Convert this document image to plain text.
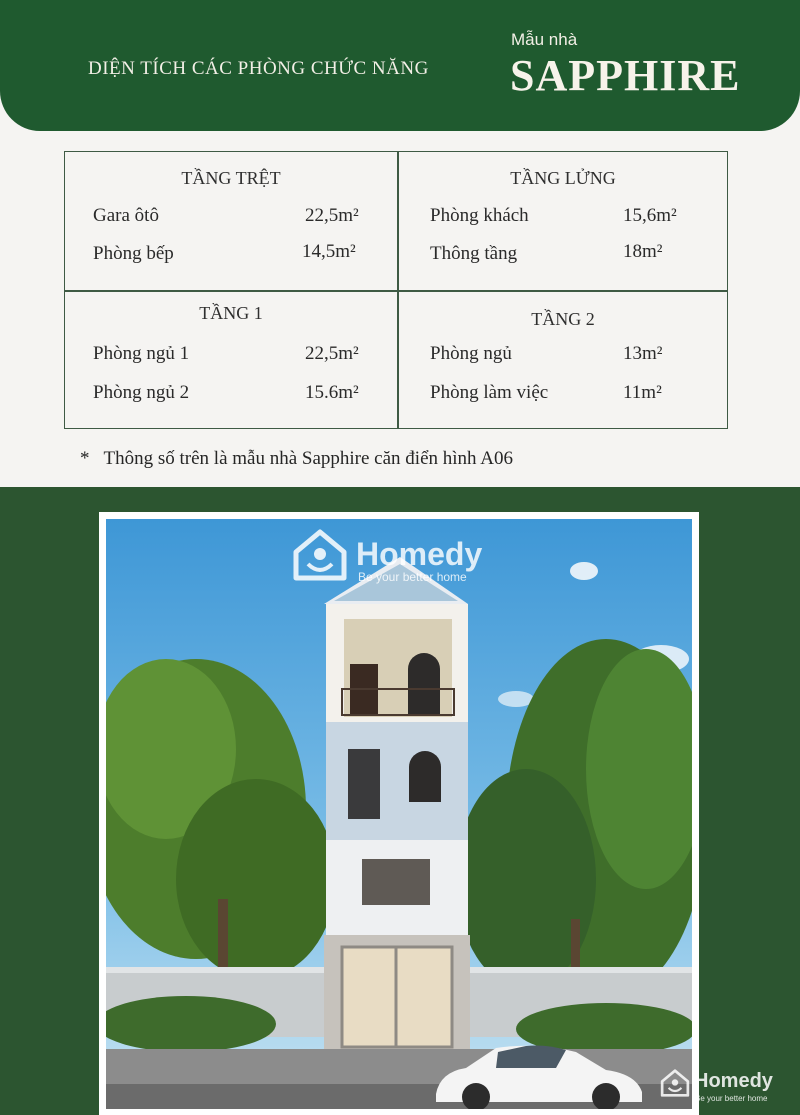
DIỆN TÍCH CÁC PHÒNG CHỨC NĂNG
Mẫu nhà
SAPPHIRE
TẦNG TRỆT
Gara ôtô	22,5m²
Phòng bếp	14,5m²
TẦNG LỬNG
Phòng khách	15,6m²
Thông tầng	18m²
TẦNG 1
Phòng ngủ 1	22,5m²
Phòng ngủ 2	15.6m²
TẦNG 2
Phòng ngủ	13m²
Phòng làm việc	11m²
* Thông số trên là mẫu nhà Sapphire căn điển hình A06
Homedy
Be your better home
Homedy
Be your better home
